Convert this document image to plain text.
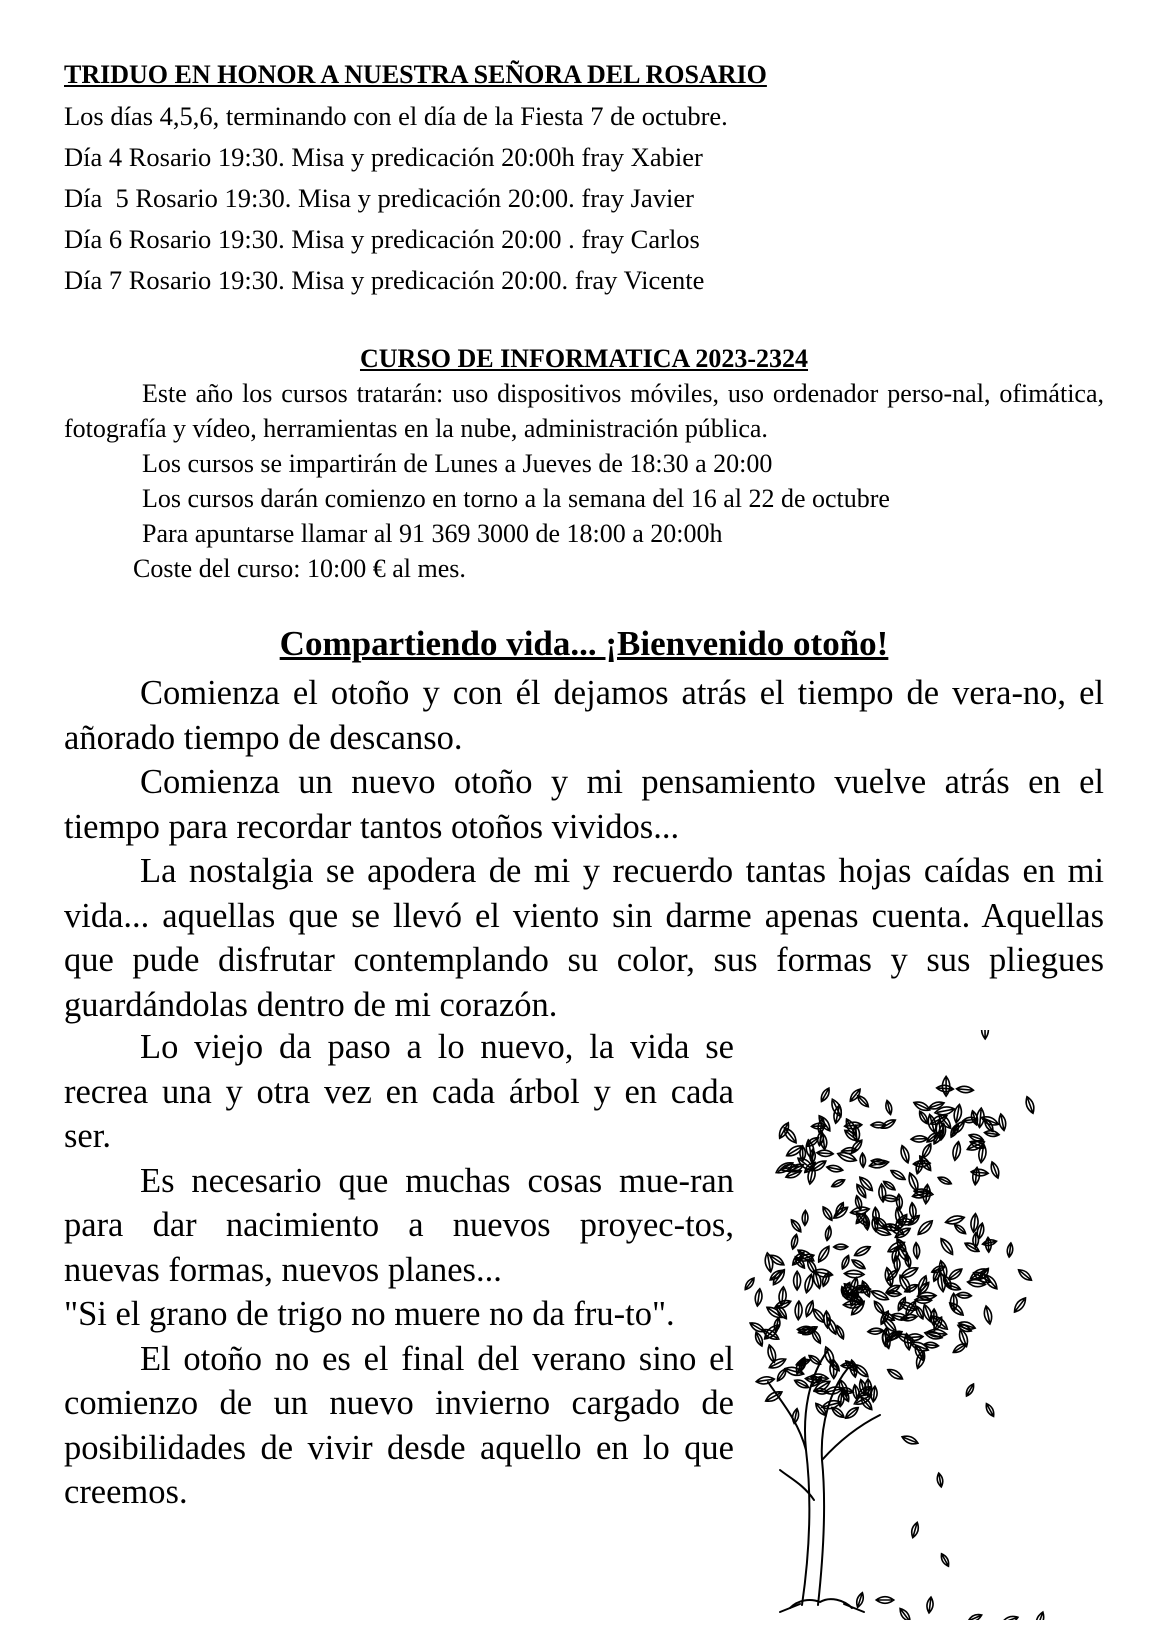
TRIDUO EN HONOR A NUESTRA SEÑORA DEL ROSARIO
Los días 4,5,6, terminando con el día de la Fiesta 7 de octubre.
Día 4 Rosario 19:30. Misa y predicación 20:00h fray Xabier
Día  5 Rosario 19:30. Misa y predicación 20:00. fray Javier
Día 6 Rosario 19:30. Misa y predicación 20:00 . fray Carlos
Día 7 Rosario 19:30. Misa y predicación 20:00. fray Vicente
CURSO DE INFORMATICA 2023-2324
Este año los cursos tratarán: uso dispositivos móviles, uso ordenador perso-nal, ofimática, fotografía y vídeo, herramientas en la nube, administración pública.
Los cursos se impartirán de Lunes a Jueves de 18:30 a 20:00
Los cursos darán comienzo en torno a la semana del 16 al 22 de octubre
Para apuntarse llamar al 91 369 3000 de 18:00 a 20:00h
Coste del curso: 10:00 € al mes.
Compartiendo vida... ¡Bienvenido otoño!

Comienza el otoño y con él dejamos atrás el tiempo de vera-no, el añorado tiempo de descanso.

Comienza un nuevo otoño y mi pensamiento vuelve atrás en el tiempo para recordar tantos otoños vividos...

La nostalgia se apodera de mi y recuerdo tantas hojas caídas en mi vida... aquellas que se llevó el viento sin darme apenas cuenta. Aquellas que pude disfrutar contemplando su color, sus formas y sus pliegues guardándolas dentro de mi corazón.

Lo viejo da paso a lo nuevo, la vida se recrea una y otra vez en cada árbol y en cada ser.

Es necesario que muchas cosas mue-ran para dar nacimiento a nuevos proyec-tos, nuevas formas, nuevos planes...

"Si el grano de trigo no muere no da fru-to".

El otoño no es el final del verano sino el comienzo de un nuevo invierno cargado de posibilidades de vivir desde aquello en lo que creemos.
